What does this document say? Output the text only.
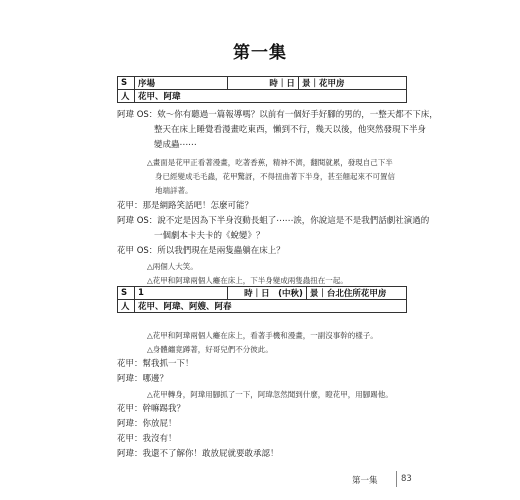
第一集
S	序場	時｜日	景｜花甲房
人	花甲、阿瑋		
阿瑋 OS：欸～你有聽過一篇報導嗎？以前有一個好手好腳的男的，一整天都不下床，
整天在床上睡覺看漫畫吃東西，懶到不行，幾天以後，他突然發現下半身
變成蟲⋯⋯
△畫面是花甲正看著漫畫，吃著香蕉，精神不濟，翻閱就累，發現自己下半
身已經變成毛毛蟲，花甲驚訝，不得扭曲著下半身，甚至翹起來不可置信
地端詳著。
花甲：那是網路笑話吧！怎麼可能？
阿瑋 OS：說不定是因為下半身沒動長蛆了⋯⋯誒，你說這是不是我們話劇社演過的
一個劇本卡夫卡的《蛻變》？
花甲 OS：所以我們現在是兩隻蟲躺在床上？
△兩個人大笑。
△花甲和阿瑋兩個人癱在床上，下半身變成兩隻蟲扭在一起。
S	1	時｜日　(中秋)	景｜台北住所花甲房
人	花甲、阿瑋、阿嫂、阿春		
△花甲和阿瑋兩個人癱在床上，看著手機和漫畫，一副沒事幹的樣子。
△身體纏竟蹲著，好哥兒們不分彼此。
花甲：幫我抓一下！
阿瑋：哪邊？
△花甲轉身，阿瑋用腳抓了一下，阿瑋忽然聞到什麼，瞪花甲，用腳踢他。
花甲：幹嘛踢我？
阿瑋：你放屁！
花甲：我沒有！
阿瑋：我還不了解你！敢放屁就要敢承認！
第一集	83
